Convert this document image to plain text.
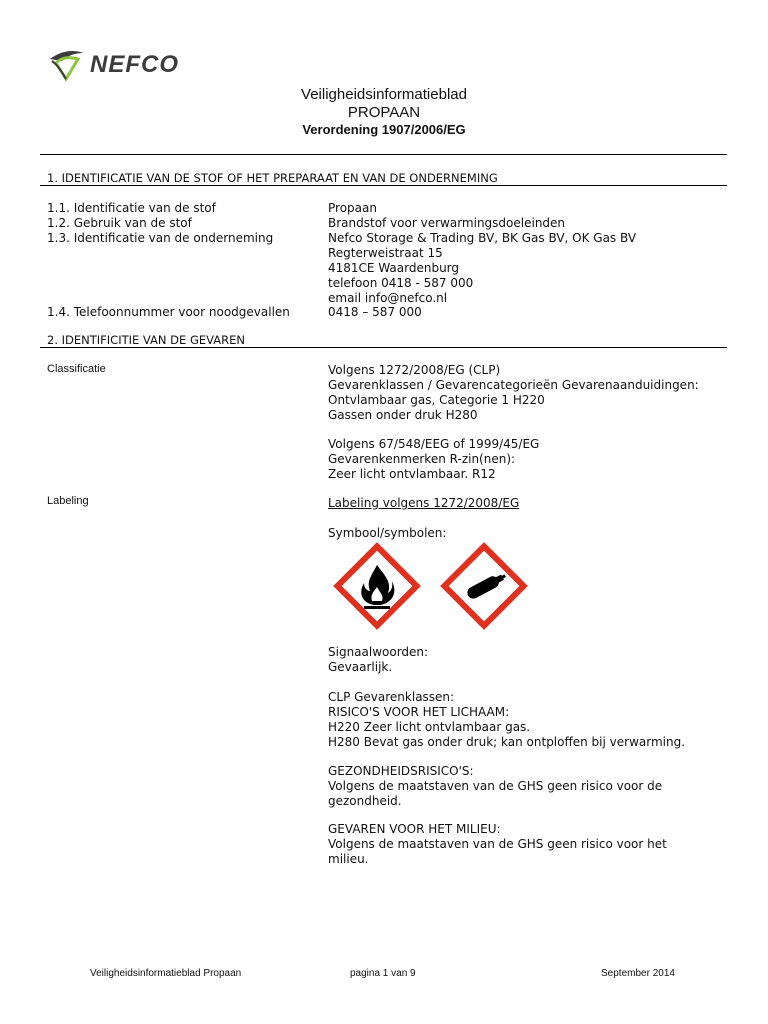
NEFCO
Veiligheidsinformatieblad
PROPAAN
Verordening 1907/2006/EG
1. IDENTIFICATIE VAN DE STOF OF HET PREPARAAT EN VAN DE ONDERNEMING
1.1. Identificatie van de stof	Propaan
1.2. Gebruik van de stof	Brandstof voor verwarmingsdoeleinden
1.3. Identificatie van de onderneming	Nefco Storage & Trading BV, BK Gas BV, OK Gas BV
Regterweistraat 15
4181CE Waardenburg
telefoon 0418 - 587 000
email info@nefco.nl
1.4. Telefoonnummer voor noodgevallen	0418 – 587 000
2. IDENTIFICITIE VAN DE GEVAREN
Classificatie	Volgens 1272/2008/EG (CLP)
Gevarenklassen / Gevarencategorieën Gevarenaanduidingen:
Ontvlambaar gas, Categorie 1 H220
Gassen onder druk H280
Volgens 67/548/EEG of 1999/45/EG
Gevarenkenmerken R-zin(nen):
Zeer licht ontvlambaar. R12
Labeling	Labeling volgens 1272/2008/EG
Symbool/symbolen:
Signaalwoorden:
Gevaarlijk.
CLP Gevarenklassen:
RISICO'S VOOR HET LICHAAM:
H220 Zeer licht ontvlambaar gas.
H280 Bevat gas onder druk; kan ontploffen bij verwarming.
GEZONDHEIDSRISICO'S:
Volgens de maatstaven van de GHS geen risico voor de
gezondheid.
GEVAREN VOOR HET MILIEU:
Volgens de maatstaven van de GHS geen risico voor het
milieu.
Veiligheidsinformatieblad Propaan	pagina 1 van 9	September 2014
